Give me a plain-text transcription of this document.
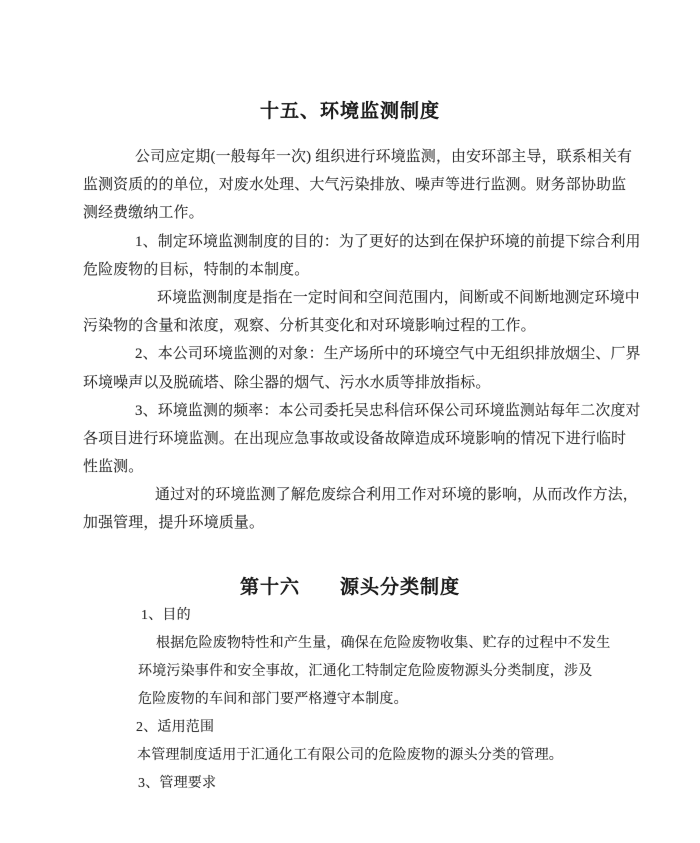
十五、环境监测制度
公司应定期(一般每年一次) 组织进行环境监测，由安环部主导，联系相关有
监测资质的的单位，对废水处理、大气污染排放、噪声等进行监测。财务部协助监
测经费缴纳工作。
1、制定环境监测制度的目的：为了更好的达到在保护环境的前提下综合利用
危险废物的目标，特制的本制度。
环境监测制度是指在一定时间和空间范围内，间断或不间断地测定环境中
污染物的含量和浓度，观察、分析其变化和对环境影响过程的工作。
2、本公司环境监测的对象：生产场所中的环境空气中无组织排放烟尘、厂界
环境噪声以及脱硫塔、除尘器的烟气、污水水质等排放指标。
3、环境监测的频率：本公司委托吴忠科信环保公司环境监测站每年二次度对
各项目进行环境监测。在出现应急事故或设备故障造成环境影响的情况下进行临时
性监测。
通过对的环境监测了解危废综合利用工作对环境的影响，从而改作方法，
加强管理，提升环境质量。
第十六　　源头分类制度
1、目的
根据危险废物特性和产生量，确保在危险废物收集、贮存的过程中不发生
环境污染事件和安全事故，汇通化工特制定危险废物源头分类制度，涉及
危险废物的车间和部门要严格遵守本制度。
2、适用范围
本管理制度适用于汇通化工有限公司的危险废物的源头分类的管理。
3、管理要求
